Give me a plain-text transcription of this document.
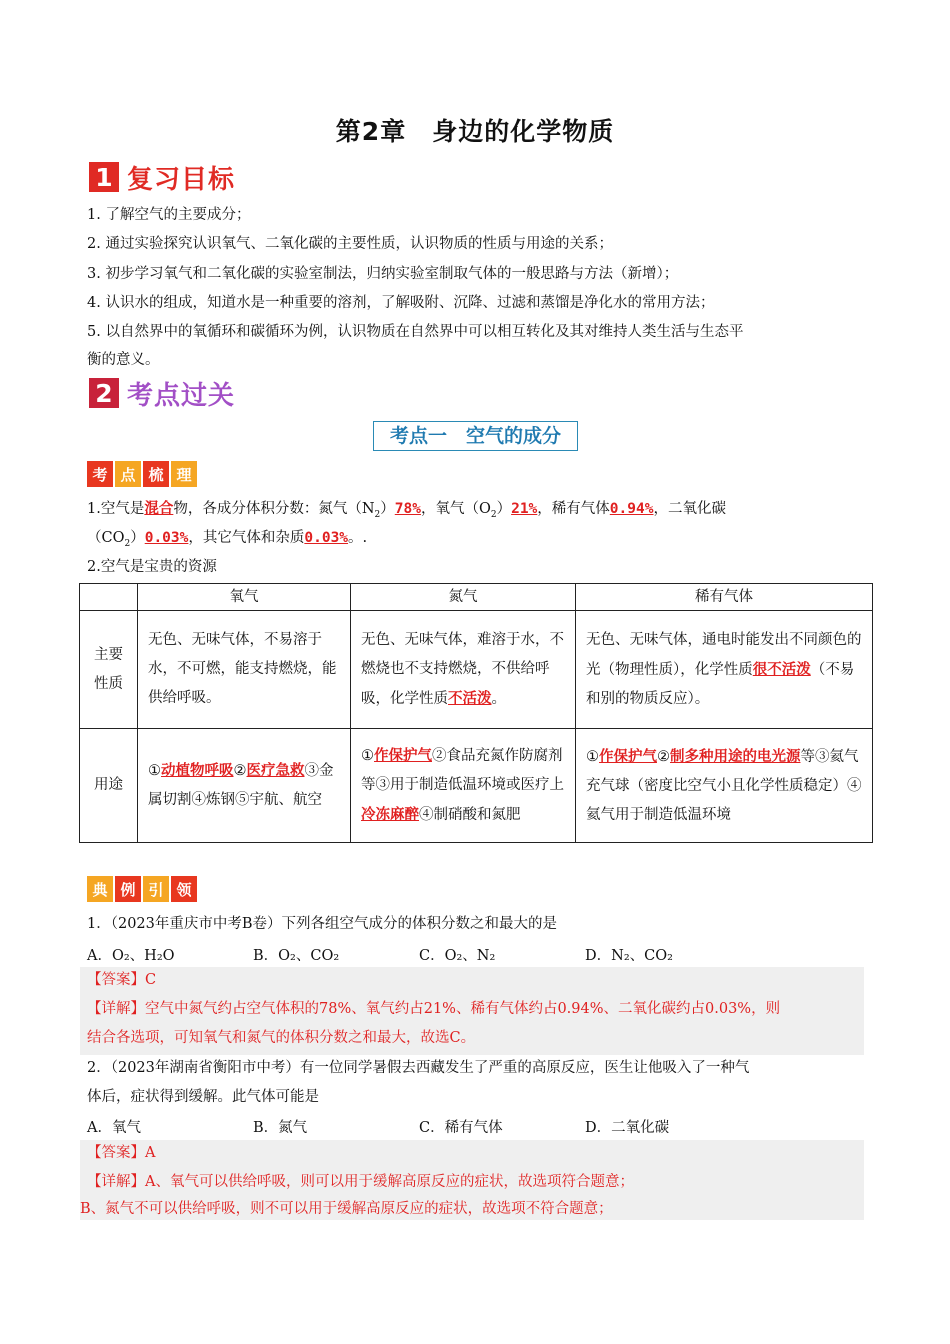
第2章　身边的化学物质
1 复习目标
1. 了解空气的主要成分；
2. 通过实验探究认识氧气、二氧化碳的主要性质，认识物质的性质与用途的关系；
3. 初步学习氧气和二氧化碳的实验室制法，归纳实验室制取气体的一般思路与方法（新增）；
4. 认识水的组成，知道水是一种重要的溶剂，了解吸附、沉降、过滤和蒸馏是净化水的常用方法；
5. 以自然界中的氧循环和碳循环为例，认识物质在自然界中可以相互转化及其对维持人类生活与生态平
衡的意义。
2 考点过关
考点一　空气的成分
考 点 梳 理
1.空气是混合物，各成分体积分数：氮气$(N_2)78\%$，氧气$(O_2)21\%$，稀有气体0.94%，二氧化碳
$(CO_2)0.03\%$，其它气体和杂质0.03%。.
2.空气是宝贵的资源
	氧气	氮气	稀有气体
主要性质	无色、无味气体，不易溶于水，不可燃，能支持燃烧，能供给呼吸。	无色、无味气体，难溶于水，不燃烧也不支持燃烧，不供给呼吸，化学性质不活泼。	无色、无味气体，通电时能发出不同颜色的光（物理性质），化学性质很不活泼（不易和别的物质反应）。
用途	①动植物呼吸②医疗急救③金属切割④炼钢⑤宇航、航空	①作保护气②食品充氮作防腐剂等③用于制造低温环境或医疗上冷冻麻醉④制硝酸和氮肥	①作保护气②制多种用途的电光源等③氦气充气球（密度比空气小且化学性质稳定）④氦气用于制造低温环境
典 例 引 领
1．（2023年重庆市中考B卷）下列各组空气成分的体积分数之和最大的是
A．O₂、H₂O	B．O₂、CO₂	C．O₂、N₂	D．N₂、CO₂
【答案】C
【详解】空气中氮气约占空气体积的78%、氧气约占21%、稀有气体约占0.94%、二氧化碳约占0.03%，则
结合各选项，可知氧气和氮气的体积分数之和最大，故选C。
2．（2023年湖南省衡阳市中考）有一位同学暑假去西藏发生了严重的高原反应，医生让他吸入了一种气
体后，症状得到缓解。此气体可能是
A．氧气	B．氮气	C．稀有气体	D．二氧化碳
【答案】A
【详解】A、氧气可以供给呼吸，则可以用于缓解高原反应的症状，故选项符合题意；
B、氮气不可以供给呼吸，则不可以用于缓解高原反应的症状，故选项不符合题意；
